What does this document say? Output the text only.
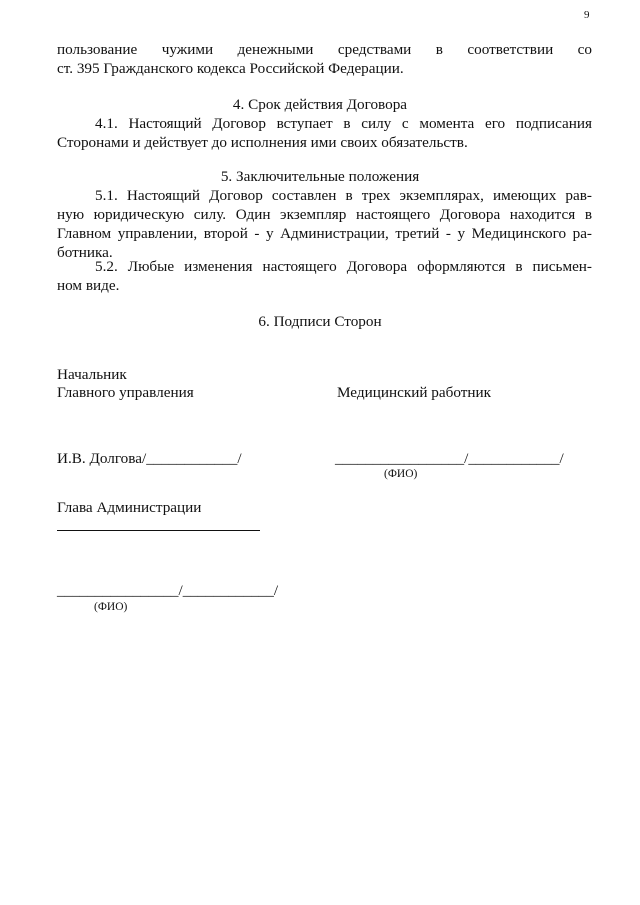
9
пользование чужими денежными средствами в соответствии со
ст. 395 Гражданского кодекса Российской Федерации.
4. Срок действия Договора
4.1. Настоящий Договор вступает в силу с момента его подписания
Сторонами и действует до исполнения ими своих обязательств.
5. Заключительные положения
5.1. Настоящий Договор составлен в трех экземплярах, имеющих рав-
ную юридическую силу. Один экземпляр настоящего Договора находится в
Главном управлении, второй - у Администрации, третий - у Медицинского ра-
ботника.
5.2. Любые изменения настоящего Договора оформляются в письмен-
ном виде.
6. Подписи Сторон
Начальник
Главного управления	Медицинский работник
И.В. Долгова/____________/	_________________/____________/
(ФИО)
Глава Администрации
________________/____________/
(ФИО)
